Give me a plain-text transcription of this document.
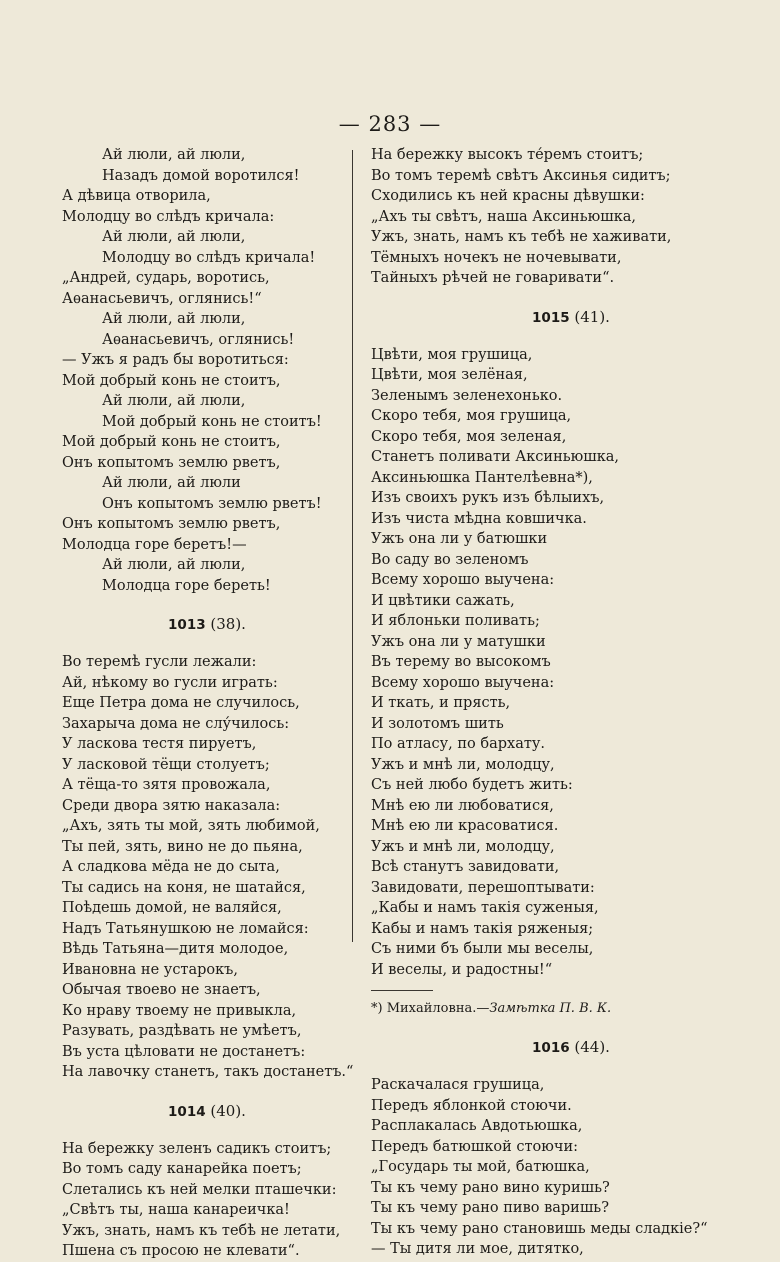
— 283 —
Ай люли, ай люли,
Назадъ домой воротился!
А дѣвица отворила,
Молодцу во слѣдъ кричала:
Ай люли, ай люли,
Молодцу во слѣдъ кричала!
„Андрей, сударь, воротись,
Аѳанасьевичъ, оглянись!“
Ай люли, ай люли,
Аѳанасьевичъ, оглянись!
— Ужъ я радъ бы воротиться:
Мой добрый конь не стоитъ,
Ай люли, ай люли,
Мой добрый конь не стоитъ!
Мой добрый конь не стоитъ,
Онъ копытомъ землю рветъ,
Ай люли, ай люли
Онъ копытомъ землю рветъ!
Онъ копытомъ землю рветъ,
Молодца горе беретъ!—
Ай люли, ай люли,
Молодца горе береть!
1013 (38).
Во теремѣ гусли лежали:
Ай, нѣкому во гусли играть:
Еще Петра дома не случилось,
Захарыча дома не слу́чилось:
У ласкова тестя пируетъ,
У ласковой тёщи столуетъ;
А тёща-то зятя провожала,
Среди двора зятю наказала:
„Ахъ, зять ты мой, зять любимой,
Ты пей, зять, вино не до пьяна,
А сладкова мёда не до сыта,
Ты садись на коня, не шатайся,
Поѣдешь домой, не валяйся,
Надъ Татьянушкою не ломайся:
Вѣдь Татьяна—дитя молодое,
Ивановна не устарокъ,
Обычая твоево не знаетъ,
Ко нраву твоему не привыкла,
Разувать, раздѣвать не умѣетъ,
Въ уста цѣловати не достанетъ:
На лавочку станетъ, такъ достанетъ.“
1014 (40).
На бережку зеленъ садикъ стоитъ;
Во томъ саду канарейка поетъ;
Слетались къ ней мелки пташечки:
„Свѣтъ ты, наша канареичка!
Ужъ, знать, намъ къ тебѣ не летати,
Пшена съ просою не клевати“.
На бережку высокъ те́ремъ стоитъ;
Во томъ теремѣ свѣтъ Аксинья сидитъ;
Сходились къ ней красны дѣвушки:
„Ахъ ты свѣтъ, наша Аксиньюшка,
Ужъ, знать, намъ къ тебѣ не хаживати,
Тёмныхъ ночекъ не ночевывати,
Тайныхъ рѣчей не говаривати“.
1015 (41).
Цвѣти, моя грушица,
Цвѣти, моя зелёная,
Зеленымъ зеленехонько.
Скоро тебя, моя грушица,
Скоро тебя, моя зеленая,
Станетъ поливати Аксиньюшка,
Аксиньюшка Пантелѣевна*),
Изъ своихъ рукъ изъ бѣлыихъ,
Изъ чиста мѣдна ковшичка.
Ужъ она ли у батюшки
Во саду во зеленомъ
Всему хорошо выучена:
И цвѣтики сажать,
И яблоньки поливать;
Ужъ она ли у матушки
Въ терему во высокомъ
Всему хорошо выучена:
И ткать, и прясть,
И золотомъ шить
По атласу, по бархату.
Ужъ и мнѣ ли, молодцу,
Съ ней любо будетъ жить:
Мнѣ ею ли любоватися,
Мнѣ ею ли красоватися.
Ужъ и мнѣ ли, молодцу,
Всѣ станутъ завидовати,
Завидовати, перешоптывати:
„Кабы и намъ такія суженыя,
Кабы и намъ такія ряженыя;
Съ ними бъ были мы веселы,
И веселы, и радостны!“
*) Михайловна.—Замѣтка П. В. К.
1016 (44).
Раскачалася грушица,
Передъ яблонкой стоючи.
Расплакалась Авдотьюшка,
Передъ батюшкой стоючи:
„Государь ты мой, батюшка,
Ты къ чему рано вино куришь?
Ты къ чему рано пиво варишь?
Ты къ чему рано становишь меды сладкіе?“
— Ты дитя ли мое, дитятко,
